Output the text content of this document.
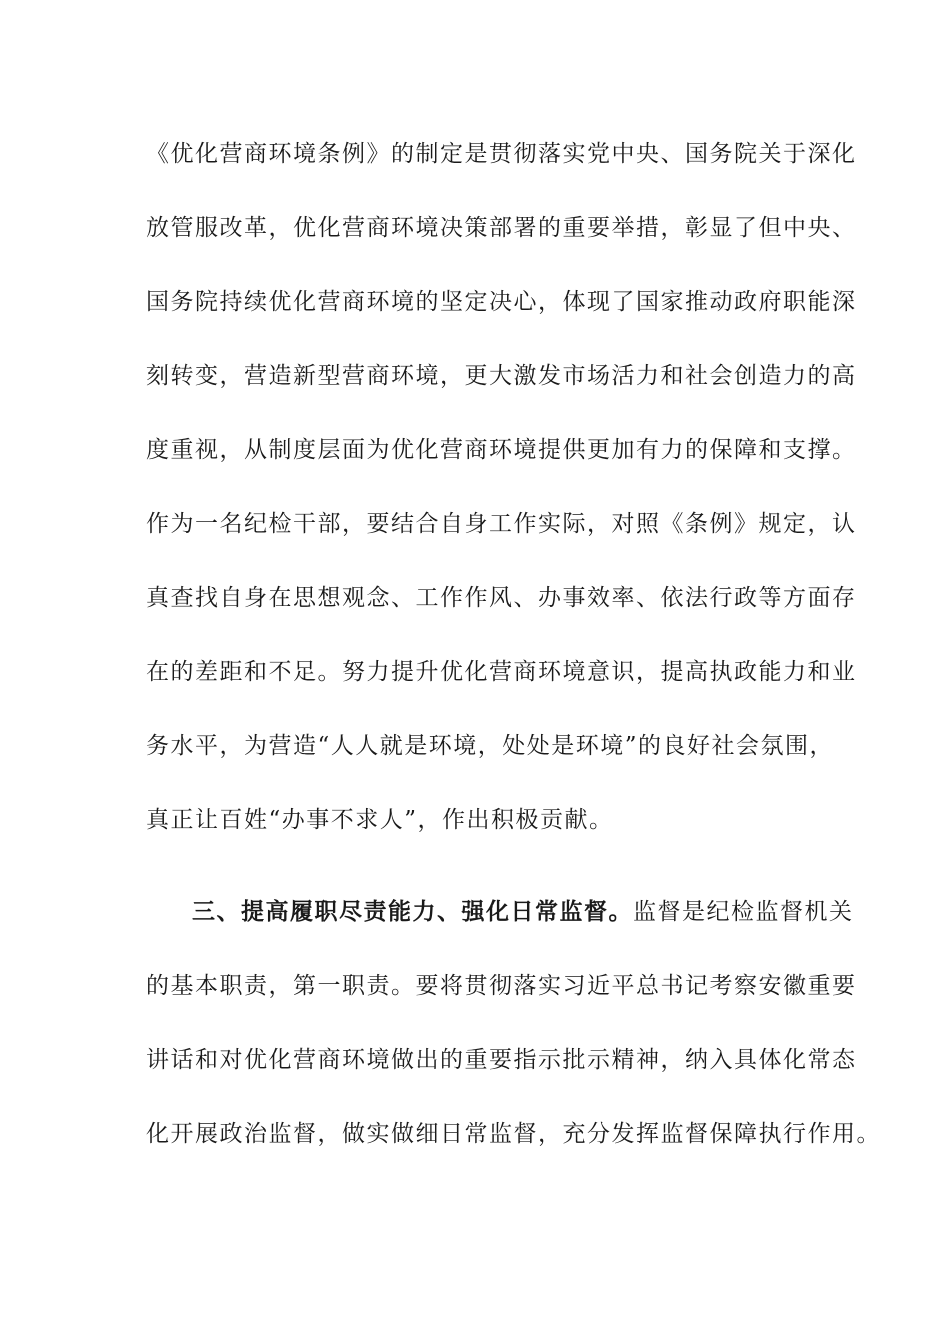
《优化营商环境条例》的制定是贯彻落实党中央、国务院关于深化
放管服改革，优化营商环境决策部署的重要举措，彰显了但中央、
国务院持续优化营商环境的坚定决心，体现了国家推动政府职能深
刻转变，营造新型营商环境，更大激发市场活力和社会创造力的高
度重视，从制度层面为优化营商环境提供更加有力的保障和支撑。
作为一名纪检干部，要结合自身工作实际，对照《条例》规定，认
真查找自身在思想观念、工作作风、办事效率、依法行政等方面存
在的差距和不足。努力提升优化营商环境意识，提高执政能力和业
务水平，为营造“人人就是环境，处处是环境”的良好社会氛围，
真正让百姓“办事不求人”，作出积极贡献。
三、提高履职尽责能力、强化日常监督。监督是纪检监督机关
的基本职责，第一职责。要将贯彻落实习近平总书记考察安徽重要
讲话和对优化营商环境做出的重要指示批示精神，纳入具体化常态
化开展政治监督，做实做细日常监督，充分发挥监督保障执行作用。
